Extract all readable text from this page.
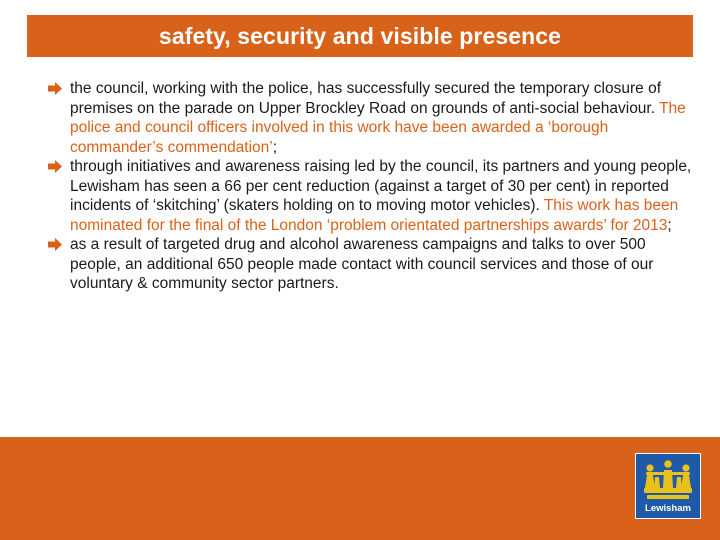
safety, security and visible presence
the council, working with the police, has successfully secured the temporary closure of premises on the parade on Upper Brockley Road on grounds of anti-social behaviour. The police and council officers involved in this work have been awarded a ‘borough commander’s commendation’;
through initiatives and awareness raising led by the council, its partners and young people, Lewisham has seen a 66 per cent reduction (against a target of 30 per cent) in reported incidents of ‘skitching’ (skaters holding on to moving motor vehicles). This work has been nominated for the final of the London ‘problem orientated partnerships awards’ for 2013;
as a result of targeted drug and alcohol awareness campaigns and talks to over 500 people, an additional 650 people made contact with council services and those of our voluntary & community sector partners.
Lewisham
